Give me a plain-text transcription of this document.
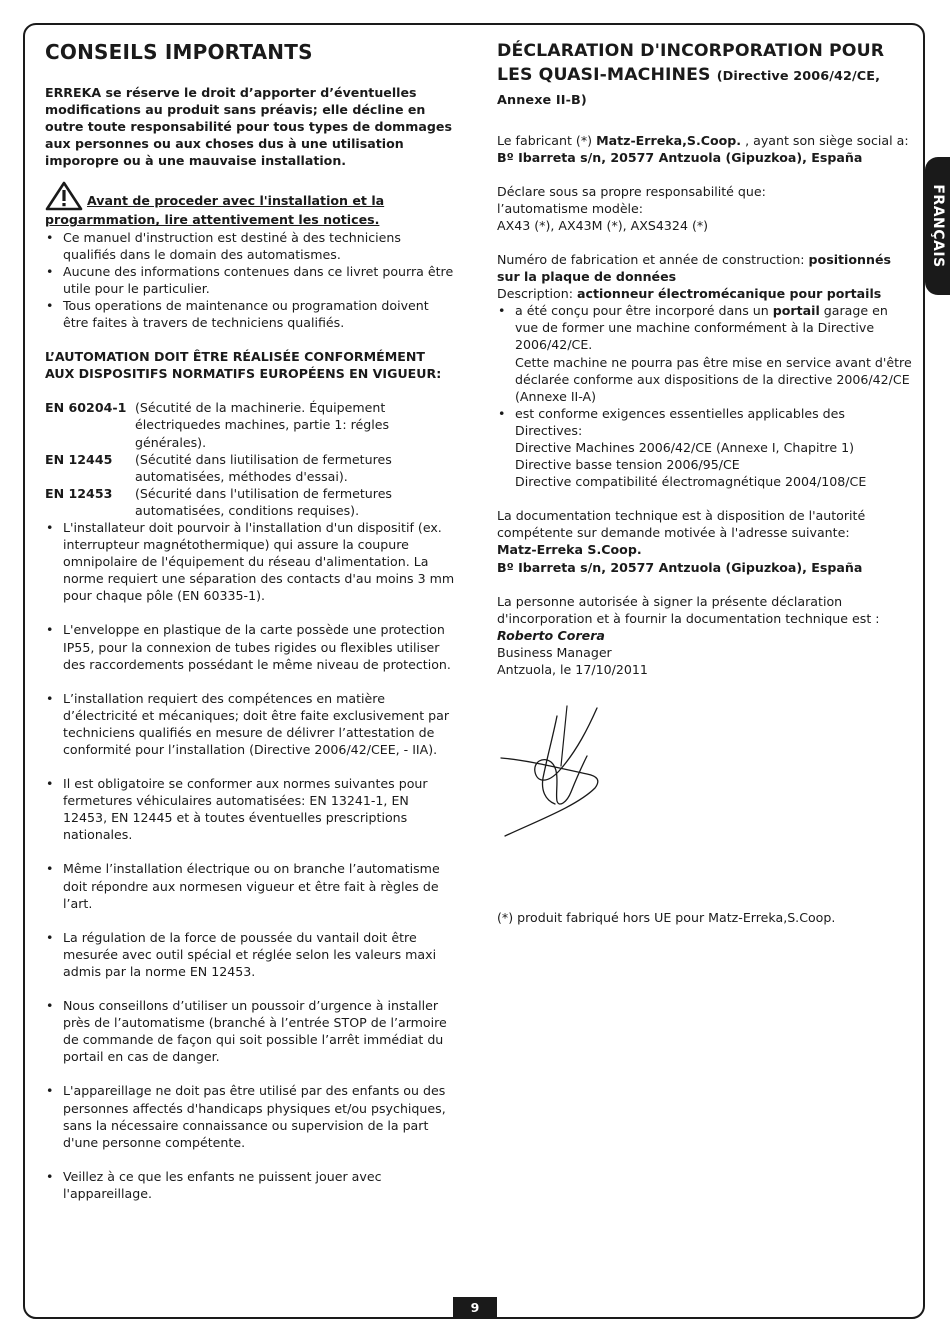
FRANÇAIS
CONSEILS IMPORTANTS

ERREKA se réserve le droit d’apporter d’éventuelles modifications au produit sans préavis; elle décline en outre toute responsabilité pour tous types de dommages aux personnes ou aux choses dus à une utilisation imporopre ou à une mauvaise installation.

Avant de proceder avec l'installation et la
progarmmation, lire attentivement les notices.
• Ce manuel d'instruction est destiné à des techniciens qualifiés dans le domain des automatismes.
• Aucune des informations contenues dans ce livret pourra être utile pour le particulier.
• Tous operations de maintenance ou programation doivent être faites à travers de techniciens qualifiés.

L’AUTOMATION DOIT ÊTRE RÉALISÉE CONFORMÉMENT AUX DISPOSITIFS NORMATIFS EUROPÉENS EN VIGUEUR:

EN 60204-1 (Sécutité de la machinerie. Équipement électriquedes machines, partie 1: régles générales).
EN 12445	(Sécutité dans liutilisation de fermetures automatisées, méthodes d'essai).
EN 12453	(Sécurité dans l'utilisation de fermetures automatisées, conditions requises).
• L'installateur doit pourvoir à l'installation d'un dispositif (ex. interrupteur magnétothermique) qui assure la coupure omnipolaire de l'équipement du réseau d'alimentation. La norme requiert une séparation des contacts d'au moins 3 mm pour chaque pôle (EN 60335-1).
• L'enveloppe en plastique de la carte possède une protection IP55, pour la connexion de tubes rigides ou flexibles utiliser des raccordements possédant le même niveau de protection.
• L’installation requiert des compétences en matière d’électricité et mécaniques; doit être faite exclusivement par techniciens qualifiés en mesure de délivrer l’attestation de conformité pour l’installation (Directive 2006/42/CEE, - IIA).
• Il est obligatoire se conformer aux normes suivantes pour fermetures véhiculaires automatisées: EN 13241-1, EN 12453, EN 12445 et à toutes éventuelles prescriptions nationales.
• Même l’installation électrique ou on branche l’automatisme doit répondre aux normesen vigueur et être fait à règles de l’art.
• La régulation de la force de poussée du vantail doit être mesurée avec outil spécial et réglée selon les valeurs maxi admis par la norme EN 12453.
• Nous conseillons d’utiliser un poussoir d’urgence à installer près de l’automatisme (branché à l’entrée STOP de l’armoire de commande de façon qui soit possible l’arrêt immédiat du portail en cas de danger.
• L'appareillage ne doit pas être utilisé par des enfants ou des personnes affectés d'handicaps physiques et/ou psychiques, sans la nécessaire connaissance ou supervision de la part d'une personne compétente.
• Veillez à ce que les enfants ne puissent jouer avec l'appareillage.
DÉCLARATION D'INCORPORATION POUR LES QUASI-MACHINES (Directive 2006/42/CE, Annexe II-B)

Le fabricant (*) Matz-Erreka,S.Coop. , ayant son siège social a:

Bº Ibarreta s/n, 20577 Antzuola (Gipuzkoa), España

Déclare sous sa propre responsabilité que:

l’automatisme modèle:

AX43 (*), AX43M (*), AXS4324 (*)

Numéro de fabrication et année de construction: positionnés sur la plaque de données

Description: actionneur électromécanique pour portails

• a été conçu pour être incorporé dans un portail garage en vue de former une machine conformément à la Directive 2006/42/CE.
Cette machine ne pourra pas être mise en service avant d'être déclarée conforme aux dispositions de la directive 2006/42/CE (Annexe II-A)
• est conforme exigences essentielles applicables des Directives:
Directive Machines 2006/42/CE (Annexe I, Chapitre 1)
Directive basse tension 2006/95/CE
Directive compatibilité électromagnétique 2004/108/CE

La documentation technique est à disposition de l'autorité compétente sur demande motivée à l'adresse suivante:

Matz-Erreka S.Coop.

Bº Ibarreta s/n, 20577 Antzuola (Gipuzkoa), España

La personne autorisée à signer la présente déclaration d'incorporation et à fournir la documentation technique est :

Roberto Corera

Business Manager

Antzuola, le 17/10/2011

(*) produit fabriqué hors UE pour Matz-Erreka,S.Coop.

9
